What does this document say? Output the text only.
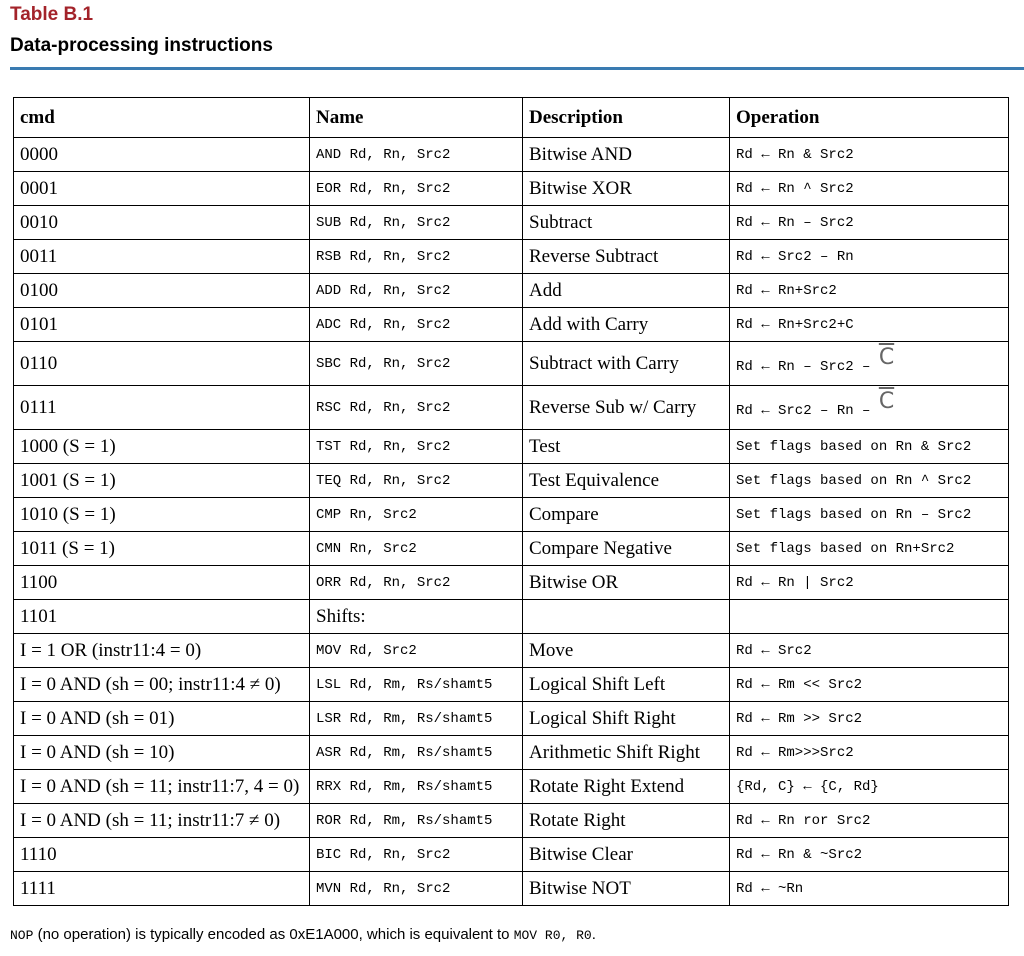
Table B.1
Data-processing instructions
cmd	Name	Description	Operation
0000	AND Rd, Rn, Src2	Bitwise AND	Rd ← Rn & Src2
0001	EOR Rd, Rn, Src2	Bitwise XOR	Rd ← Rn ^ Src2
0010	SUB Rd, Rn, Src2	Subtract	Rd ← Rn – Src2
0011	RSB Rd, Rn, Src2	Reverse Subtract	Rd ← Src2 – Rn
0100	ADD Rd, Rn, Src2	Add	Rd ← Rn+Src2
0101	ADC Rd, Rn, Src2	Add with Carry	Rd ← Rn+Src2+C
0110	SBC Rd, Rn, Src2	Subtract with Carry	Rd ← Rn – $Src2 - \overline{C}$
0111	RSC Rd, Rn, Src2	Reverse Sub w/ Carry	Rd ← Src2 – Rn – $\overline{C}$
1000 (S = 1)	TST Rd, Rn, Src2	Test	Set flags based on Rn & Src2
1001 (S = 1)	TEQ Rd, Rn, Src2	Test Equivalence	Set flags based on Rn ^ Src2
1010 (S = 1)	CMP Rn, Src2	Compare	Set flags based on Rn – Src2
1011 (S = 1)	CMN Rn, Src2	Compare Negative	Set flags based on Rn+Src2
1100	ORR Rd, Rn, Src2	Bitwise OR	Rd ← Rn | Src2
1101	Shifts:		
I = 1 OR (instr11:4 = 0)	MOV Rd, Src2	Move	Rd ← Src2
I = 0 AND (sh = 00; instr11:4 ≠ 0)	LSL Rd, Rm, Rs/shamt5	Logical Shift Left	Rd ← Rm << Src2
I = 0 AND (sh = 01)	LSR Rd, Rm, Rs/shamt5	Logical Shift Right	Rd ← Rm >> Src2
I = 0 AND (sh = 10)	ASR Rd, Rm, Rs/shamt5	Arithmetic Shift Right	Rd ← Rm>>>Src2
I = 0 AND (sh = 11; instr11:7, 4 = 0)	RRX Rd, Rm, Rs/shamt5	Rotate Right Extend	{Rd, C} ← {C, Rd}
I = 0 AND (sh = 11; instr11:7 ≠ 0)	ROR Rd, Rm, Rs/shamt5	Rotate Right	Rd ← Rn ror Src2
1110	BIC Rd, Rn, Src2	Bitwise Clear	Rd ← Rn & ~Src2
1111	MVN Rd, Rn, Src2	Bitwise NOT	Rd ← ~Rn
NOP (no operation) is typically encoded as 0xE1A000, which is equivalent to MOV R0, R0.
